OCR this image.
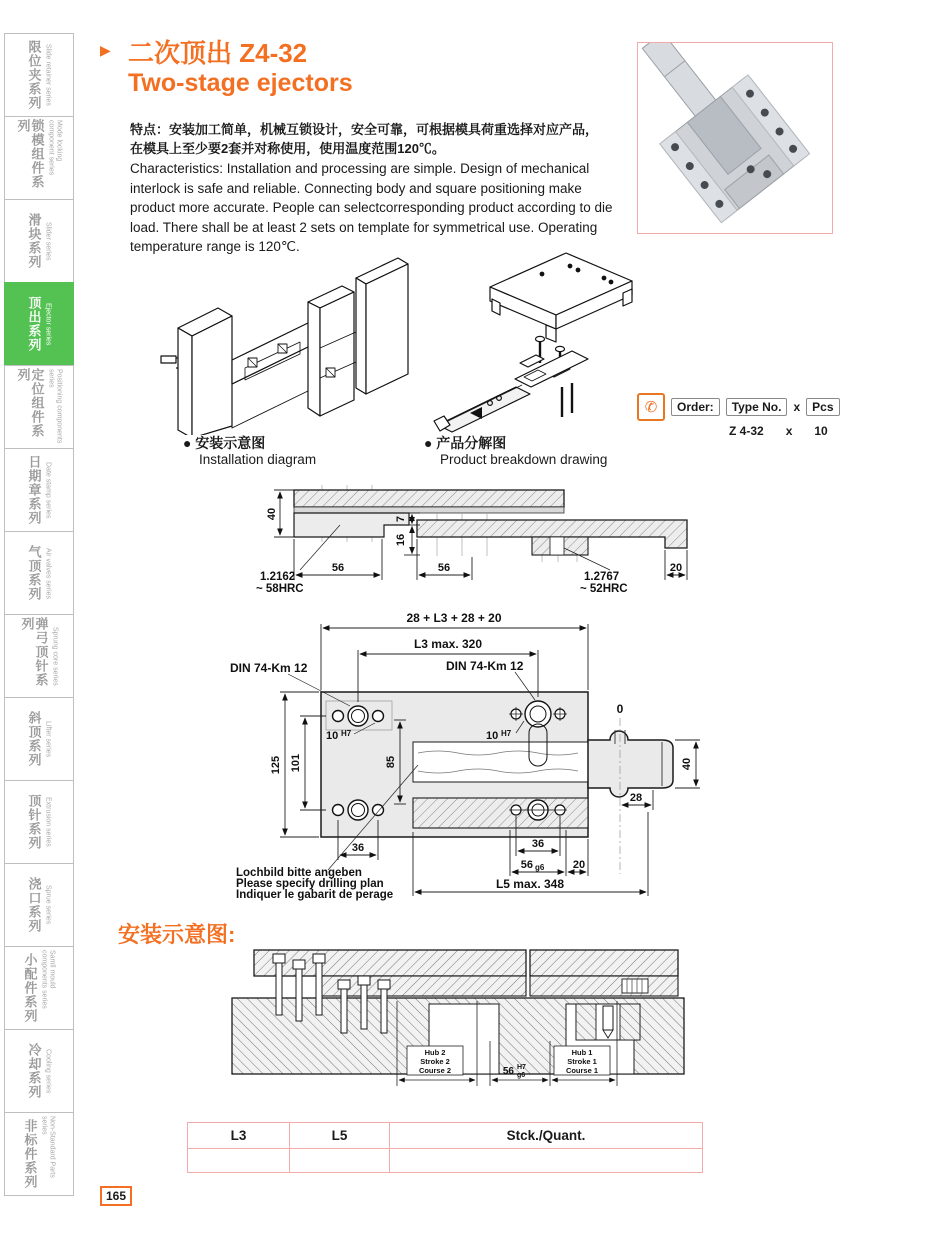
限位夹系列 Slide retainer series
锁模组件系列	Mode locking component series
滑块系列 Slider series
顶出系列 Ejector series
定位组件系列	Positioning components series
日期章系列 Date stamp series
气顶系列 Air valves series
弹弓顶针系列
Sprung core series
斜顶系列 Lifter series
顶针系列 Extrusion series
浇口系列 Sprue series
小配件系列	Samll mould components series
冷却系列 Cooling series
非标件系列	Non-Standard Parts series
▶ 二次顶出 Z4-32
Two-stage ejectors
特点：安装加工简单，机械互锁设计，安全可靠，可根据模具荷重选择对应产品，
在模具上至少要2套并对称使用，使用温度范围120℃。
Characteristics: Installation and processing are simple. Design of mechanical interlock is safe and reliable. Connecting body and square positioning make product more accurate. People can selectcorresponding product according to die load. There shall be at least 2 sets on template for symmetrical use. Operating temperature range is 120℃.
● 安装示意图
Installation diagram
● 产品分解图
Product breakdown drawing
✆	Order:	Type No.	x	Pcs
Z 4-32 x 10
40	7
16
56	56	20
1.2162
~ 58HRC
1.2767
~ 52HRC
28 + L3 + 28 + 20
L3 max. 320
DIN 74-Km 12	DIN 74-Km 12
10 H7	10 H7
125 101	85
0
40
28
36	36
56 g6	20
L5 max. 348
Lochbild bitte angeben
Please specify drilling plan
Indiquer le gabarit de perage
安装示意图:
Hub 2
Stroke 2
Course 2
Hub 1
Stroke 1
Course 1
56 H7
g6
L3	L5	Stck./Quant.

165
